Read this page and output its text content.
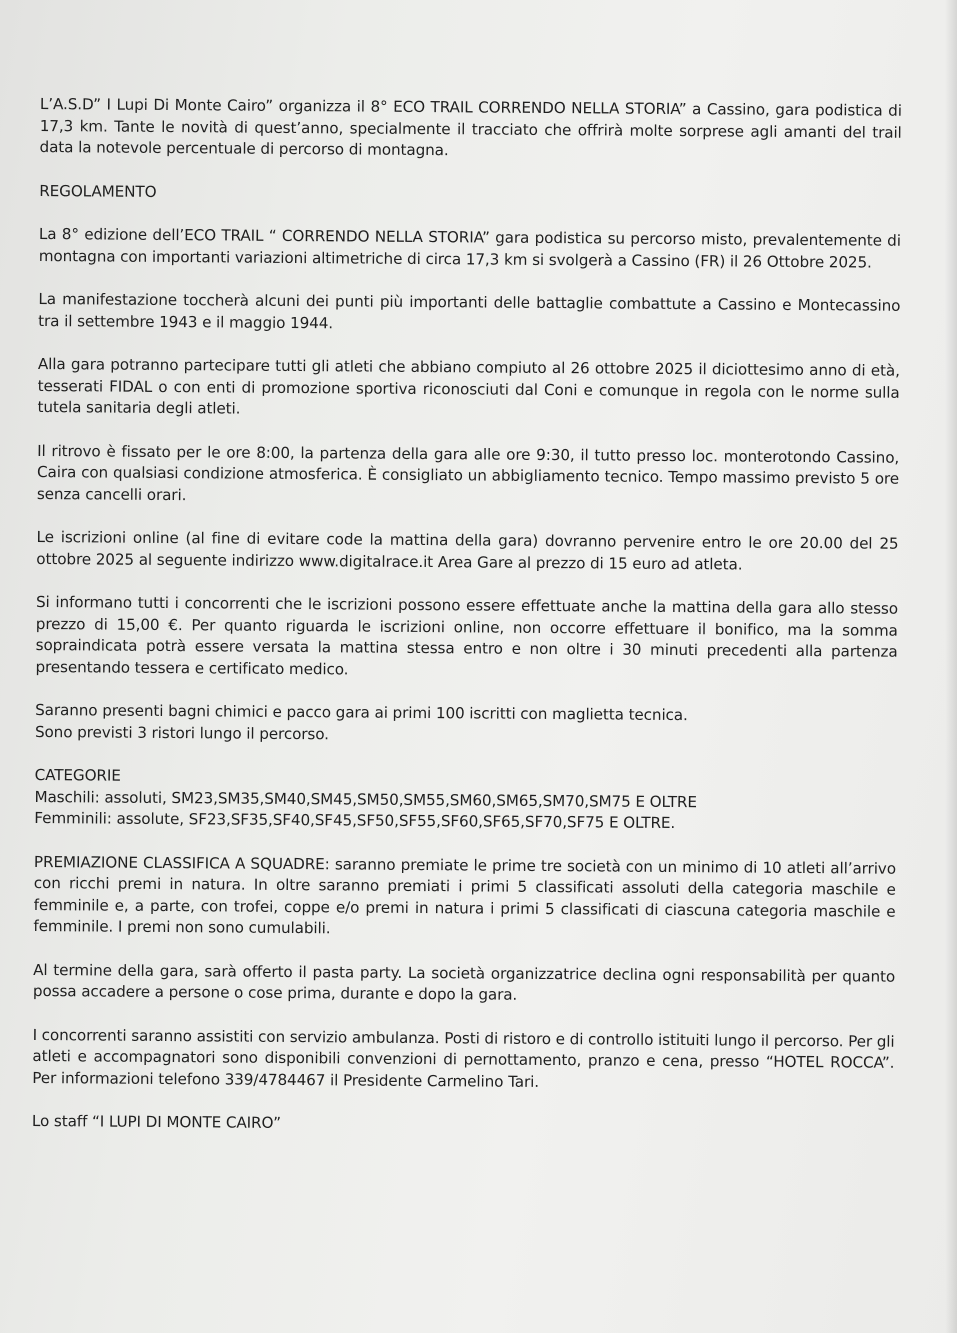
L’A.S.D” I Lupi Di Monte Cairo” organizza il 8° ECO TRAIL CORRENDO NELLA STORIA” a Cassino, gara podistica di 17,3 km. Tante le novità di quest’anno, specialmente il tracciato che offrirà molte sorprese agli amanti del trail data la notevole percentuale di percorso di montagna.

REGOLAMENTO

La 8° edizione dell’ECO TRAIL “ CORRENDO NELLA STORIA” gara podistica su percorso misto, prevalentemente di montagna con importanti variazioni altimetriche di circa 17,3 km si svolgerà a Cassino (FR) il 26 Ottobre 2025.

La manifestazione toccherà alcuni dei punti più importanti delle battaglie combattute a Cassino e Montecassino tra il settembre 1943 e il maggio 1944.

Alla gara potranno partecipare tutti gli atleti che abbiano compiuto al 26 ottobre 2025 il diciottesimo anno di età, tesserati FIDAL o con enti di promozione sportiva riconosciuti dal Coni e comunque in regola con le norme sulla tutela sanitaria degli atleti.

Il ritrovo è fissato per le ore 8:00, la partenza della gara alle ore 9:30, il tutto presso loc. monterotondo Cassino, Caira con qualsiasi condizione atmosferica. È consigliato un abbigliamento tecnico. Tempo massimo previsto 5 ore senza cancelli orari.

Le iscrizioni online (al fine di evitare code la mattina della gara) dovranno pervenire entro le ore 20.00 del 25 ottobre 2025 al seguente indirizzo www.digitalrace.it Area Gare al prezzo di 15 euro ad atleta.

Si informano tutti i concorrenti che le iscrizioni possono essere effettuate anche la mattina della gara allo stesso prezzo di 15,00 €. Per quanto riguarda le iscrizioni online, non occorre effettuare il bonifico, ma la somma sopraindicata potrà essere versata la mattina stessa entro e non oltre i 30 minuti precedenti alla partenza presentando tessera e certificato medico.

Saranno presenti bagni chimici e pacco gara ai primi 100 iscritti con maglietta tecnica.
Sono previsti 3 ristori lungo il percorso.
CATEGORIE
Maschili: assoluti, SM23,SM35,SM40,SM45,SM50,SM55,SM60,SM65,SM70,SM75 E OLTRE
Femminili: assolute, SF23,SF35,SF40,SF45,SF50,SF55,SF60,SF65,SF70,SF75 E OLTRE.

PREMIAZIONE CLASSIFICA A SQUADRE: saranno premiate le prime tre società con un minimo di 10 atleti all’arrivo con ricchi premi in natura. In oltre saranno premiati i primi 5 classificati assoluti della categoria maschile e femminile e, a parte, con trofei, coppe e/o premi in natura i primi 5 classificati di ciascuna categoria maschile e femminile. I premi non sono cumulabili.

Al termine della gara, sarà offerto il pasta party. La società organizzatrice declina ogni responsabilità per quanto possa accadere a persone o cose prima, durante e dopo la gara.

I concorrenti saranno assistiti con servizio ambulanza. Posti di ristoro e di controllo istituiti lungo il percorso. Per gli atleti e accompagnatori sono disponibili convenzioni di pernottamento, pranzo e cena, presso “HOTEL ROCCA”. Per informazioni telefono 339/4784467 il Presidente Carmelino Tari.

Lo staff “I LUPI DI MONTE CAIRO”
